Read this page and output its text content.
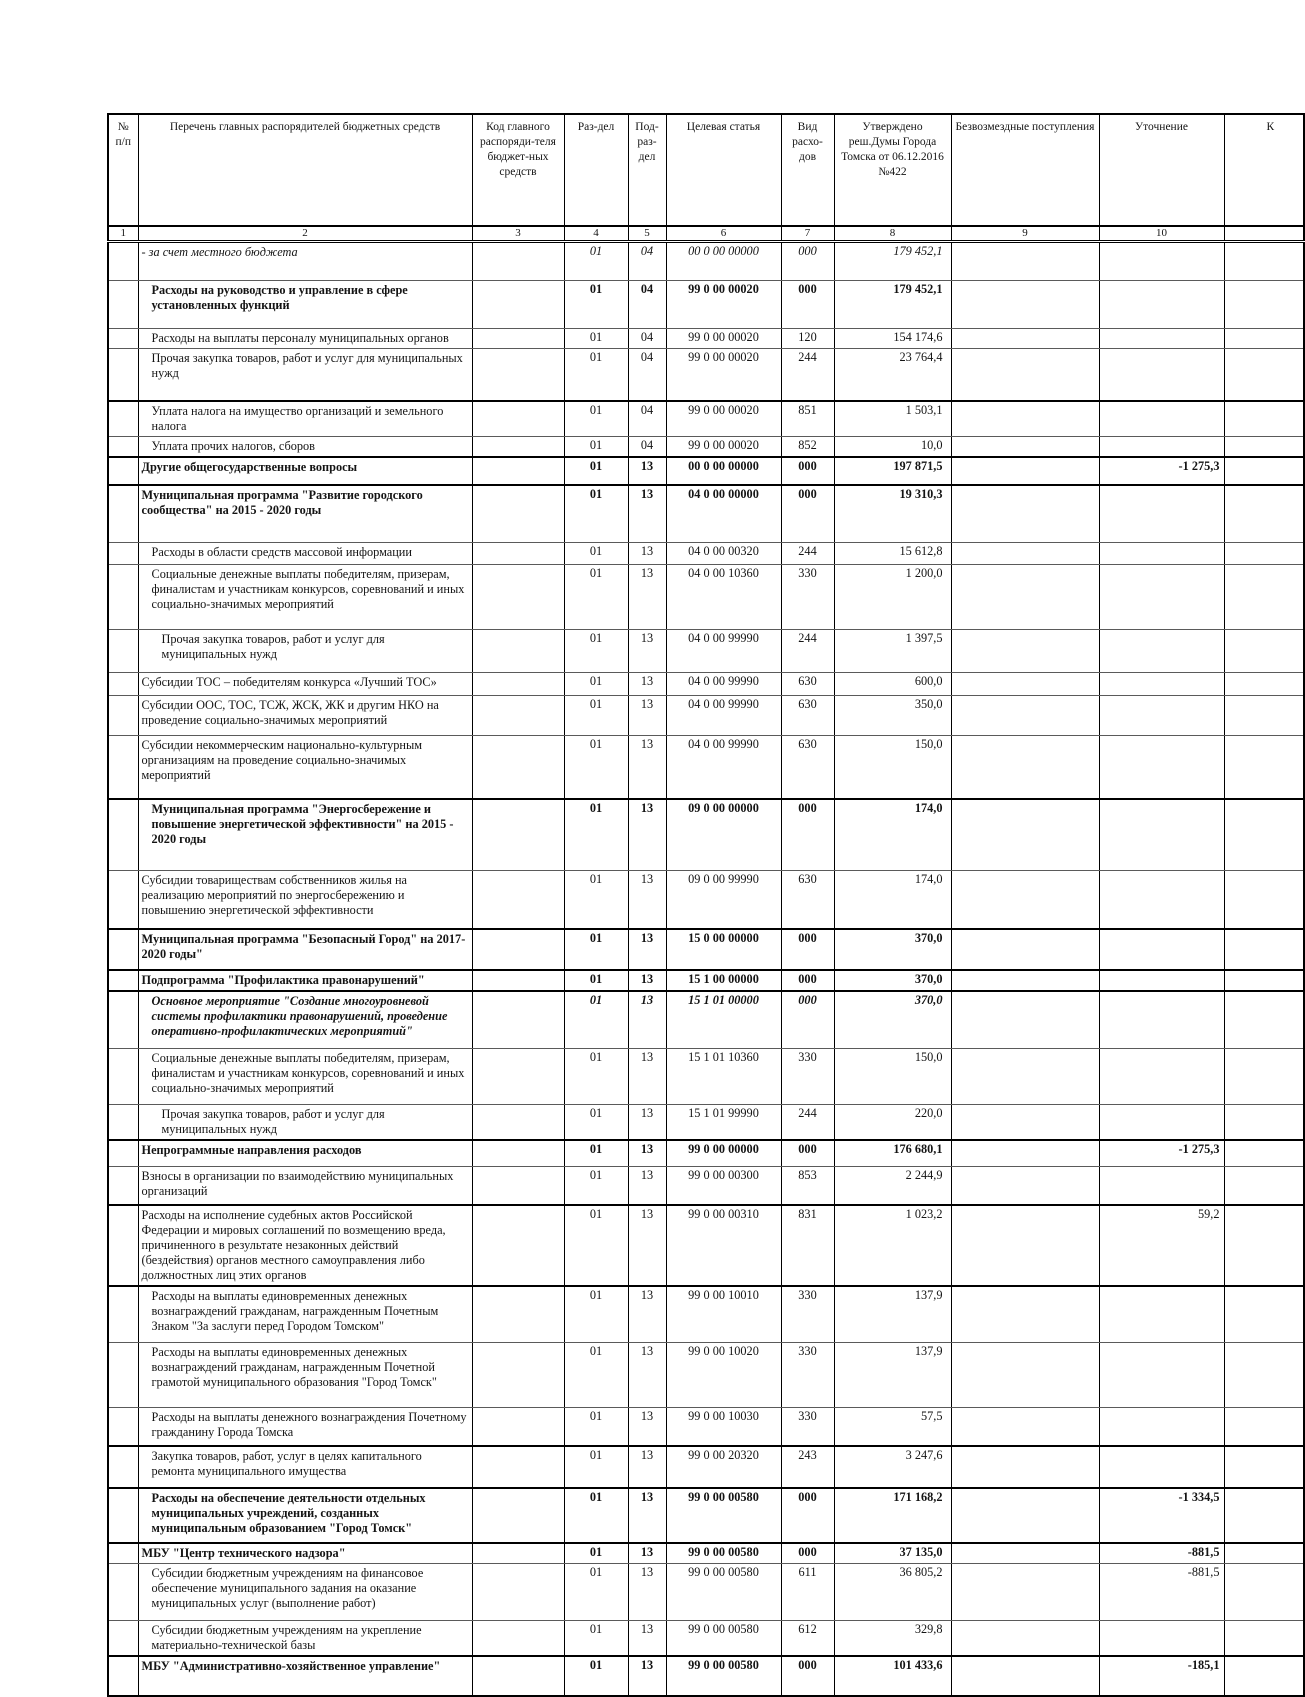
№ п/п	Перечень главных распорядителей бюджетных средств	Код главного распоряди-теля бюджет-ных средств	Раз-дел	Под-раз-дел	Целевая статья	Вид расхо-дов	Утверждено реш.Думы Города Томска от 06.12.2016 №422	Безвозмездные поступления	Уточнение	К
1	2	3	4	5	6	7	8	9	10	
	- за счет местного бюджета		01	04	00 0 00 00000	000	179 452,1			
	Расходы на руководство и управление в сфере установленных функций		01	04	99 0 00 00020	000	179 452,1			
	Расходы на выплаты персоналу муниципальных органов		01	04	99 0 00 00020	120	154 174,6			
	Прочая закупка товаров, работ и услуг для муниципальных нужд		01	04	99 0 00 00020	244	23 764,4			
	Уплата налога на имущество организаций и земельного налога		01	04	99 0 00 00020	851	1 503,1			
	Уплата прочих налогов, сборов		01	04	99 0 00 00020	852	10,0			
	Другие общегосударственные вопросы		01	13	00 0 00 00000	000	197 871,5		-1 275,3	
	Муниципальная программа "Развитие городского сообщества" на 2015 - 2020 годы		01	13	04 0 00 00000	000	19 310,3			
	Расходы в области средств массовой информации		01	13	04 0 00 00320	244	15 612,8			
	Социальные денежные выплаты победителям, призерам, финалистам и участникам конкурсов, соревнований и иных социально-значимых мероприятий		01	13	04 0 00 10360	330	1 200,0			
	Прочая закупка товаров, работ и услуг для муниципальных нужд		01	13	04 0 00 99990	244	1 397,5			
	Субсидии ТОС – победителям конкурса «Лучший ТОС»		01	13	04 0 00 99990	630	600,0			
	Субсидии ООС, ТОС, ТСЖ, ЖСК, ЖК и другим НКО на проведение социально-значимых мероприятий		01	13	04 0 00 99990	630	350,0			
	Субсидии некоммерческим национально-культурным организациям на проведение социально-значимых мероприятий		01	13	04 0 00 99990	630	150,0			
	Муниципальная программа "Энергосбережение и повышение энергетической эффективности" на 2015 - 2020 годы		01	13	09 0 00 00000	000	174,0			
	Субсидии товариществам собственников жилья на реализацию мероприятий по энергосбережению и повышению энергетической эффективности		01	13	09 0 00 99990	630	174,0			
	Муниципальная программа "Безопасный Город" на 2017-2020 годы"		01	13	15 0 00 00000	000	370,0			
	Подпрограмма "Профилактика правонарушений"		01	13	15 1 00 00000	000	370,0			
	Основное мероприятие "Создание многоуровневой системы профилактики правонарушений, проведение оперативно-профилактических мероприятий"		01	13	15 1 01 00000	000	370,0			
	Социальные денежные выплаты победителям, призерам, финалистам и участникам конкурсов, соревнований и иных социально-значимых мероприятий		01	13	15 1 01 10360	330	150,0			
	Прочая закупка товаров, работ и услуг для муниципальных нужд		01	13	15 1 01 99990	244	220,0			
	Непрограммные направления расходов		01	13	99 0 00 00000	000	176 680,1		-1 275,3	
	Взносы в организации по взаимодействию муниципальных организаций		01	13	99 0 00 00300	853	2 244,9			
	Расходы на исполнение судебных актов Российской Федерации и мировых соглашений по возмещению вреда, причиненного в результате незаконных действий (бездействия) органов местного самоуправления либо должностных лиц этих органов		01	13	99 0 00 00310	831	1 023,2		59,2	
	Расходы на выплаты единовременных денежных вознаграждений гражданам, награжденным Почетным Знаком "За заслуги перед Городом Томском"		01	13	99 0 00 10010	330	137,9			
	Расходы на выплаты единовременных денежных вознаграждений гражданам, награжденным Почетной грамотой муниципального образования "Город Томск"		01	13	99 0 00 10020	330	137,9			
	Расходы на выплаты денежного вознаграждения Почетному гражданину Города Томска		01	13	99 0 00 10030	330	57,5			
	Закупка товаров, работ, услуг в целях капитального ремонта муниципального имущества		01	13	99 0 00 20320	243	3 247,6			
	Расходы на обеспечение деятельности отдельных муниципальных учреждений, созданных муниципальным образованием "Город Томск"		01	13	99 0 00 00580	000	171 168,2		-1 334,5	
	МБУ "Центр технического надзора"		01	13	99 0 00 00580	000	37 135,0		-881,5	
	Субсидии бюджетным учреждениям на финансовое обеспечение муниципального задания на оказание муниципальных услуг (выполнение работ)		01	13	99 0 00 00580	611	36 805,2		-881,5	
	Субсидии бюджетным учреждениям на укрепление материально-технической базы		01	13	99 0 00 00580	612	329,8			
	МБУ "Административно-хозяйственное управление"		01	13	99 0 00 00580	000	101 433,6		-185,1	
